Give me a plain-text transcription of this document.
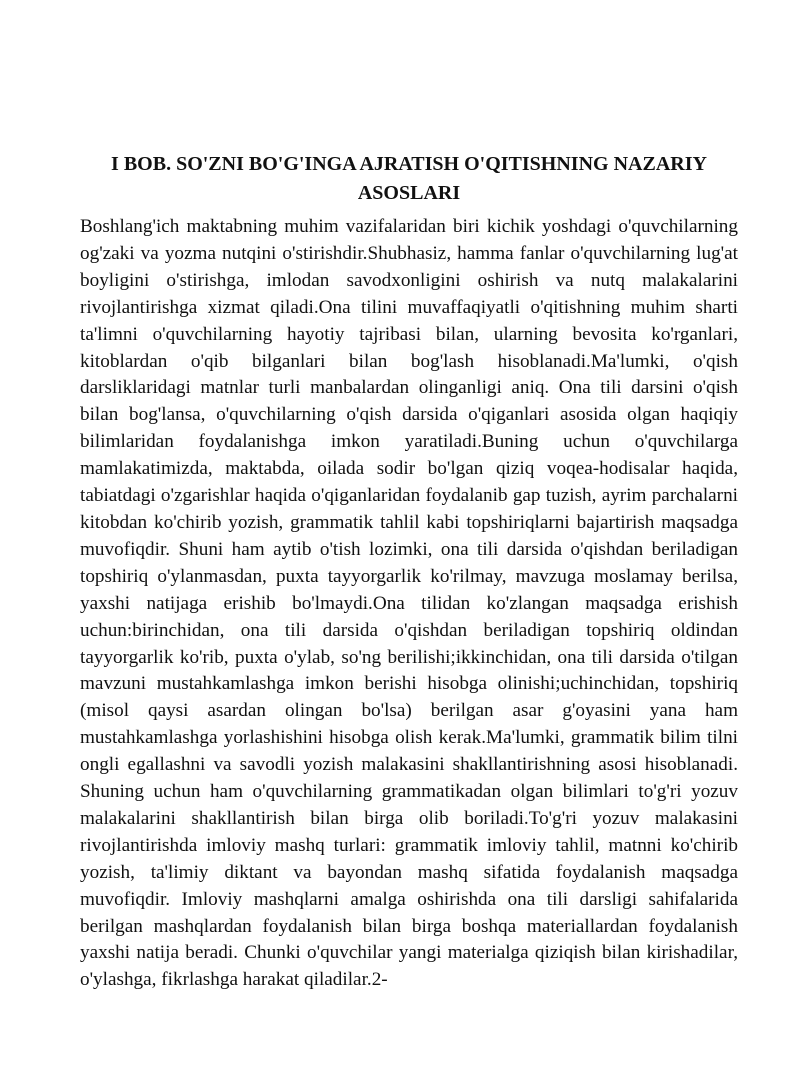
I BOB. SO'ZNI BO'G'INGA AJRATISH O'QITISHNING NAZARIY ASOSLARI

Boshlang'ich maktabning muhim vazifalaridan biri kichik yoshdagi o'quvchilarning og'zaki va yozma nutqini o'stirishdir.Shubhasiz, hamma fanlar o'quvchilarning lug'at boyligini o'stirishga, imlodan savodxonligini oshirish va nutq malakalarini rivojlantirishga xizmat qiladi.Ona tilini muvaffaqiyatli o'qitishning muhim sharti ta'limni o'quvchilarning hayotiy tajribasi bilan, ularning bevosita ko'rganlari, kitoblardan o'qib bilganlari bilan bog'lash hisoblanadi.Ma'lumki, o'qish darsliklaridagi matnlar turli manbalardan olinganligi aniq. Ona tili darsini o'qish bilan bog'lansa, o'quvchilarning o'qish darsida o'qiganlari asosida olgan haqiqiy bilimlaridan foydalanishga imkon yaratiladi.Buning uchun o'quvchilarga mamlakatimizda, maktabda, oilada sodir bo'lgan qiziq voqea-hodisalar haqida, tabiatdagi o'zgarishlar haqida o'qiganlaridan foydalanib gap tuzish, ayrim parchalarni kitobdan ko'chirib yozish, grammatik tahlil kabi topshiriqlarni bajartirish maqsadga muvofiqdir. Shuni ham aytib o'tish lozimki, ona tili darsida o'qishdan beriladigan topshiriq o'ylanmasdan, puxta tayyorgarlik ko'rilmay, mavzuga moslamay berilsa, yaxshi natijaga erishib bo'lmaydi.Ona tilidan ko'zlangan maqsadga erishish uchun:birinchidan, ona tili darsida o'qishdan beriladigan topshiriq oldindan tayyorgarlik ko'rib, puxta o'ylab, so'ng berilishi;ikkinchidan, ona tili darsida o'tilgan mavzuni mustahkamlashga imkon berishi hisobga olinishi;uchinchidan, topshiriq (misol qaysi asardan olingan bo'lsa) berilgan asar g'oyasini yana ham mustahkamlashga yorlashishini hisobga olish kerak.Ma'lumki, grammatik bilim tilni ongli egallashni va savodli yozish malakasini shakllantirishning asosi hisoblanadi. Shuning uchun ham o'quvchilarning grammatikadan olgan bilimlari to'g'ri yozuv malakalarini shakllantirish bilan birga olib boriladi.To'g'ri yozuv malakasini rivojlantirishda imloviy mashq turlari: grammatik imloviy tahlil, matnni ko'chirib yozish, ta'limiy diktant va bayondan mashq sifatida foydalanish maqsadga muvofiqdir. Imloviy mashqlarni amalga oshirishda ona tili darsligi sahifalarida berilgan mashqlardan foydalanish bilan birga boshqa materiallardan foydalanish yaxshi natija beradi. Chunki o'quvchilar yangi materialga qiziqish bilan kirishadilar, o'ylashga, fikrlashga harakat qiladilar.2-
